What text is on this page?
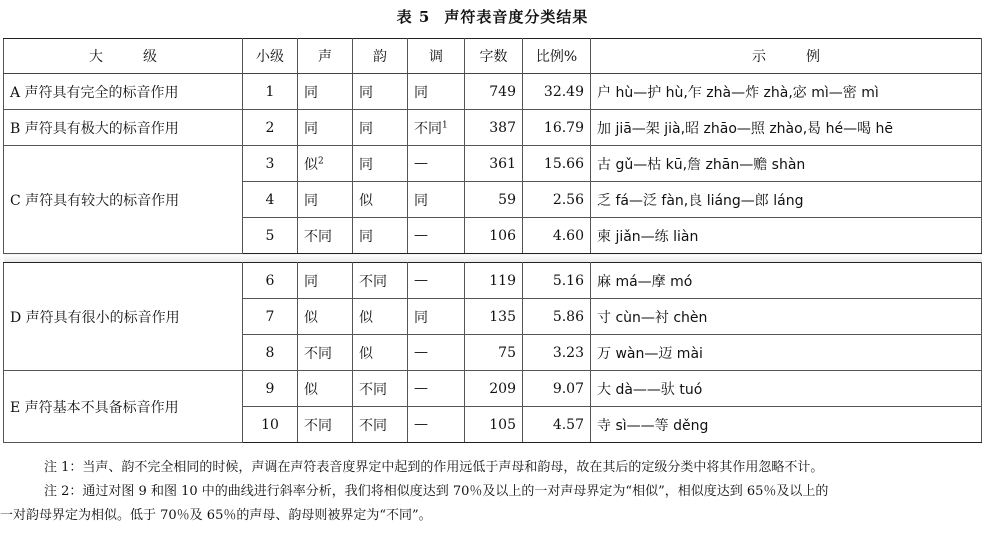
表 5 声符表音度分类结果
大级	小级	声	韵	调	字数	比例%	示例
A 声符具有完全的标音作用	1	同	同	同	749	32.49	户 hù—护 hù,乍 zhà—炸 zhà,宓 mì—密 mì
B 声符具有极大的标音作用	2	同	同	不同$^1$	387	16.79	加 jiā—架 jià,昭 zhāo—照 zhào,曷 hé—喝 hē
C 声符具有较大的标音作用	3	似$^2$	同	—	361	15.66	古 gǔ—枯 kū,詹 zhān—赡 shàn
	4	同	似	同	59	2.56	乏 fá—泛 fàn,良 liáng—郎 láng
	5	不同	同	—	106	4.60	柬 jiǎn—练 liàn

D 声符具有很小的标音作用	6	同	不同	—	119	5.16	麻 má—摩 mó
	7	似	似	同	135	5.86	寸 cùn—衬 chèn
	8	不同	似	—	75	3.23	万 wàn—迈 mài
E 声符基本不具备标音作用	9	似	不同	—	209	9.07	大 dà——驮 tuó
	10	不同	不同	—	105	4.57	寺 sì——等 děng

注 1：当声、韵不完全相同的时候，声调在声符表音度界定中起到的作用远低于声母和韵母，故在其后的定级分类中将其作用忽略不计。

注 2：通过对图 9 和图 10 中的曲线进行斜率分析，我们将相似度达到 70％及以上的一对声母界定为“相似”，相似度达到 65％及以上的

一对韵母界定为相似。低于 70％及 65％的声母、韵母则被界定为“不同”。
